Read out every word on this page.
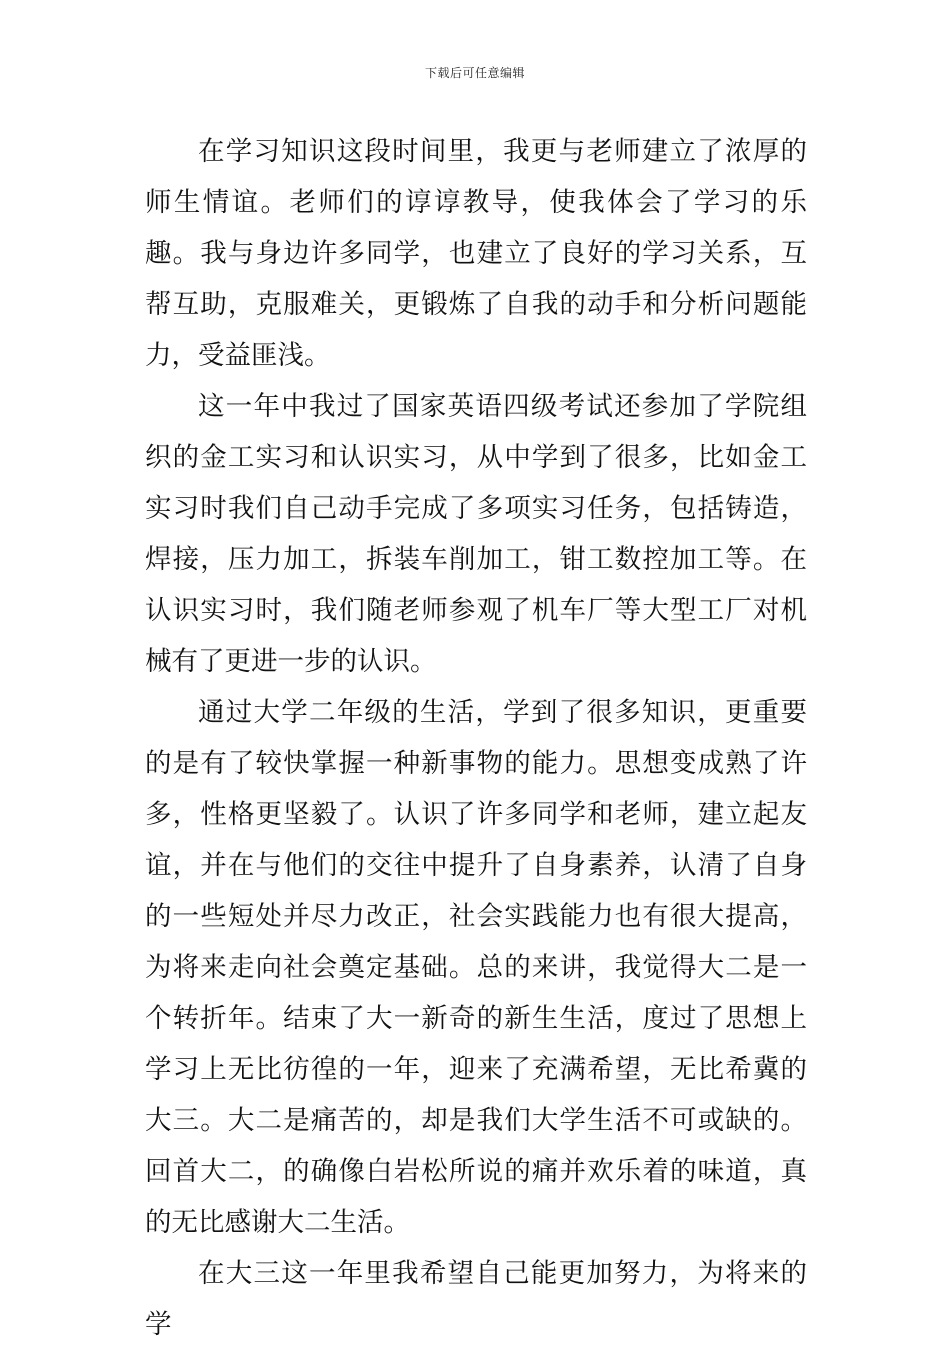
下载后可任意编辑

在学习知识这段时间里，我更与老师建立了浓厚的师生情谊。老师们的谆谆教导，使我体会了学习的乐趣。我与身边许多同学，也建立了良好的学习关系，互帮互助，克服难关，更锻炼了自我的动手和分析问题能力，受益匪浅。

这一年中我过了国家英语四级考试还参加了学院组织的金工实习和认识实习，从中学到了很多，比如金工实习时我们自己动手完成了多项实习任务，包括铸造，焊接，压力加工，拆装车削加工，钳工数控加工等。在认识实习时，我们随老师参观了机车厂等大型工厂对机械有了更进一步的认识。

通过大学二年级的生活，学到了很多知识，更重要的是有了较快掌握一种新事物的能力。思想变成熟了许多，性格更坚毅了。认识了许多同学和老师，建立起友谊，并在与他们的交往中提升了自身素养，认清了自身的一些短处并尽力改正，社会实践能力也有很大提高，为将来走向社会奠定基础。总的来讲，我觉得大二是一个转折年。结束了大一新奇的新生生活，度过了思想上学习上无比彷徨的一年，迎来了充满希望，无比希冀的大三。大二是痛苦的，却是我们大学生活不可或缺的。回首大二，的确像白岩松所说的痛并欢乐着的味道，真的无比感谢大二生活。

在大三这一年里我希望自己能更加努力，为将来的学
